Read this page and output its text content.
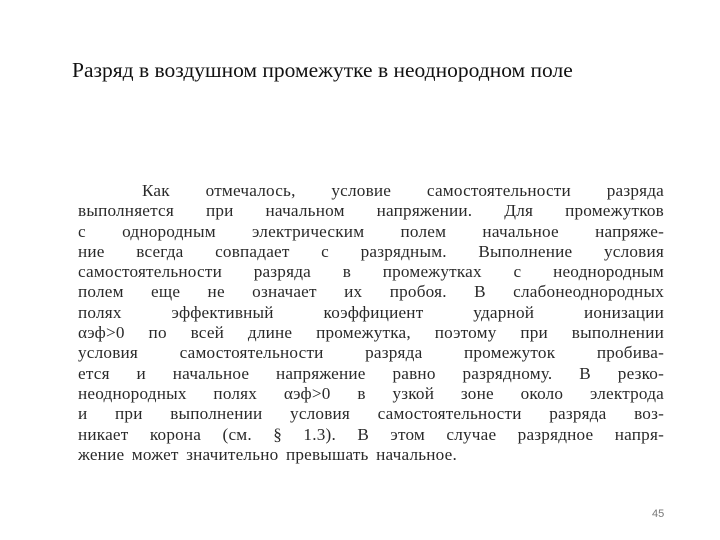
Разряд в воздушном промежутке в неоднородном поле
Как отмечалось, условие самостоятельности разряда
выполняется при начальном напряжении. Для промежутков
с однородным электрическим полем начальное напряже-
ние всегда совпадает с разрядным. Выполнение условия
самостоятельности разряда в промежутках с неоднородным
полем еще не означает их пробоя. В слабонеоднородных
полях эффективный коэффициент ударной ионизации
αэф>0 по всей длине промежутка, поэтому при выполнении
условия самостоятельности разряда промежуток пробива-
ется и начальное напряжение равно разрядному. В резко-
неоднородных полях αэф>0 в узкой зоне около электрода
и при выполнении условия самостоятельности разряда воз-
никает корона (см. § 1.3). В этом случае разрядное напря-
жение может значительно превышать начальное.
45
